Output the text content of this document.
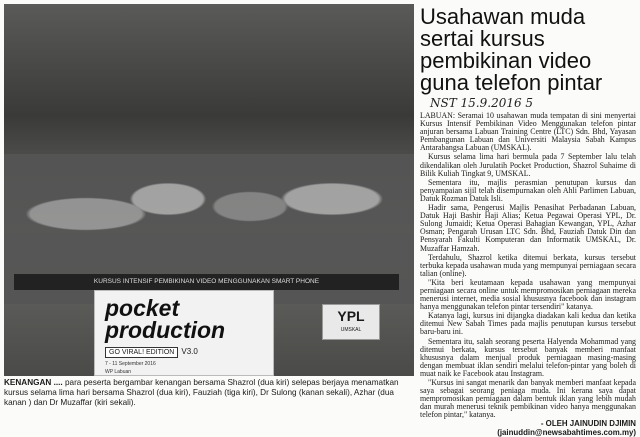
KURSUS INTENSIF PEMBIKINAN VIDEO MENGGUNAKAN SMART PHONE
pocket
production
GO VIRAL! EDITION V3.0
7 - 11 September 2016
WP Labuan
YPL
UMSKAL
KENANGAN .... para peserta bergambar kenangan bersama Shazrol (dua kiri) selepas berjaya menamatkan kursus selama lima hari bersama Shazrol (dua kiri), Fauziah (tiga kiri), Dr Sulong (kanan sekali), Azhar (dua kanan ) dan Dr Muzaffar (kiri sekali).
Usahawan muda sertai kursus pembikinan video guna telefon pintar
NST 15.9.2016 5

LABUAN: Seramai 10 usahawan muda tempatan di sini menyertai Kursus Intensif Pembikinan Video Menggunakan telefon pintar anjuran bersama Labuan Training Centre (LTC) Sdn. Bhd, Yayasan Pembangunan Labuan dan Universiti Malaysia Sabah Kampus Antarabangsa Labuan (UMSKAL).

Kursus selama lima hari bermula pada 7 September lalu telah dikendalikan oleh Jurulatih Pocket Production, Shazrol Suhaime di Bilik Kuliah Tingkat 9, UMSKAL.

Sementara itu, majlis perasmian penutupan kursus dan penyampaian sijil telah disempurnakan oleh Ahli Parlimen Labuan, Datuk Rozman Datuk Isli.

Hadir sama, Pengerusi Majlis Penasihat Perbadanan Labuan, Datuk Haji Bashir Haji Alias; Ketua Pegawai Operasi YPL, Dr. Sulong Jumaidi; Ketua Operasi Bahagian Kewangan, YPL, Azhar Osman; Pengarah Urusan LTC Sdn. Bhd, Fauziah Datuk Din dan Pensyarah Fakulti Komputeran dan Informatik UMSKAL, Dr. Muzaffar Hamzah.

Terdahulu, Shazrol ketika ditemui berkata, kursus tersebut terbuka kepada usahawan muda yang mempunyai perniagaan secara talian (online).

"Kita beri keutamaan kepada usahawan yang mempunyai perniagaan secara online untuk mempromosikan perniagaan mereka menerusi internet, media sosial khususnya facebook dan instagram hanya menggunakan telefon pintar tersendiri" katanya.

Katanya lagi, kursus ini dijangka diadakan kali kedua dan ketika ditemui New Sabah Times pada majlis penutupan kursus tersebut baru-baru ini.

Sementara itu, salah seorang peserta Halyenda Mohammad yang ditemui berkata, kursus tersebut banyak memberi manfaat khususnya dalam menjual produk perniagaan masing-masing dengan membuat iklan sendiri melalui telefon-pintar yang boleh di muat naik ke Facebook atau Instagram.

"Kursus ini sangat menarik dan banyak memberi manfaat kepada saya sebagai seorang peniaga muda. Ini kerana saya dapat mempromosikan perniagaan dalam bentuk iklan yang lebih mudah dan murah menerusi teknik pembikinan video hanya menggunakan telefon pintar," katanya.

- OLEH JAINUDIN DJIMIN (jainuddin@newsabahtimes.com.my)
